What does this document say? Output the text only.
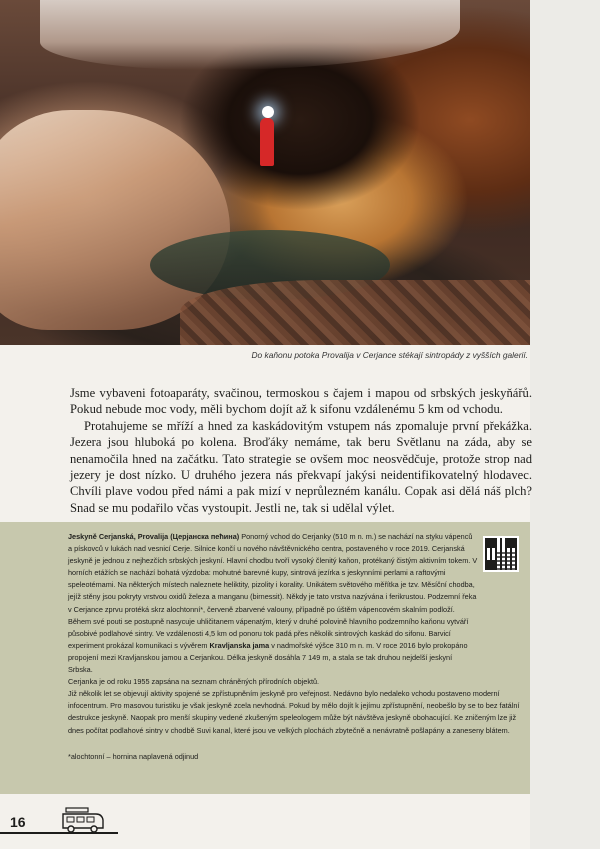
Do kaňonu potoka Provalija v Cerjance stékají sintropády z vyšších galerií.

Jsme vybaveni fotoaparáty, svačinou, termoskou s čajem i mapou od srbských jeskyňářů. Pokud nebude moc vody, měli bychom dojít až k sifonu vzdálenému 5 km od vchodu.

Protahujeme se mříží a hned za kaskádovitým vstupem nás zpomaluje první překážka. Jezera jsou hluboká po kolena. Broďáky nemáme, tak beru Světlanu na záda, aby se nenamočila hned na začátku. Tato strategie se ovšem moc neosvědčuje, protože strop nad jezery je dost nízko. U druhého jezera nás překvapí jakýsi neidentifikovatelný hlodavec. Chvíli plave vodou před námi a pak mizí v neprůlezném kanálu. Copak asi dělá náš plch? Snad se mu podařilo včas vystoupit. Jestli ne, tak si udělal výlet.

Jeskyně Cerjanská, Provalija (Церјанска пећина) Ponorný vchod do Cerjanky (510 m n. m.) se nachází na styku vápenců a pískovců v lukách nad vesnicí Cerje. Silnice končí u nového návštěvnického centra, postaveného v roce 2019. Cerjanská jeskyně je jednou z nejhezčích srbských jeskyní. Hlavní chodbu tvoří vysoký členitý kaňon, protékaný čistým aktivním tokem. V horních etážích se nachází bohatá výzdoba: mohutné barevné kupy, sintrová jezírka s jeskynními perlami a raftovými speleotémami. Na některých místech naleznete heliktity, pizolity i korality. Unikátem světového měřítka je tzv. Měsíční chodba, jejíž stěny jsou pokryty vrstvou oxidů železa a manganu (birnessit). Někdy je tato vrstva nazývána i ferikrustou. Podzemní řeka v Cerjance zprvu protéká skrz alochtonní*, červeně zbarvené valouny, případně po úštěm vápencovém skalním podloží. Během své pouti se postupně nasycuje uhličitanem vápenatým, který v druhé polovině hlavního podzemního kaňonu vytváří působivé podlahové sintry. Ve vzdálenosti 4,5 km od ponoru tok padá přes několik sintrových kaskád do sifonu. Barvicí experiment prokázal komunikaci s vývěrem Kravljanska jama v nadmořské výšce 310 m n. m. V roce 2016 bylo prokopáno propojení mezi Kravljanskou jamou a Cerjankou. Délka jeskyně dosáhla 7 149 m, a stala se tak druhou nejdelší jeskyní Srbska.

Cerjanka je od roku 1955 zapsána na seznam chráněných přírodních objektů.

Již několik let se objevují aktivity spojené se zpřístupněním jeskyně pro veřejnost. Nedávno bylo nedaleko vchodu postaveno moderní infocentrum. Pro masovou turistiku je však jeskyně zcela nevhodná. Pokud by mělo dojít k jejímu zpřístupnění, neobešlo by se to bez fatální destrukce jeskyně. Naopak pro menší skupiny vedené zkušeným speleologem může být návštěva jeskyně obohacující. Ke zničeným lze již dnes počítat podlahové sintry v chodbě Suvi kanal, které jsou ve velkých plochách zbytečně a nenávratně pošlapány a zaneseny blátem.

*alochtonní – hornina naplavená odjinud

16
